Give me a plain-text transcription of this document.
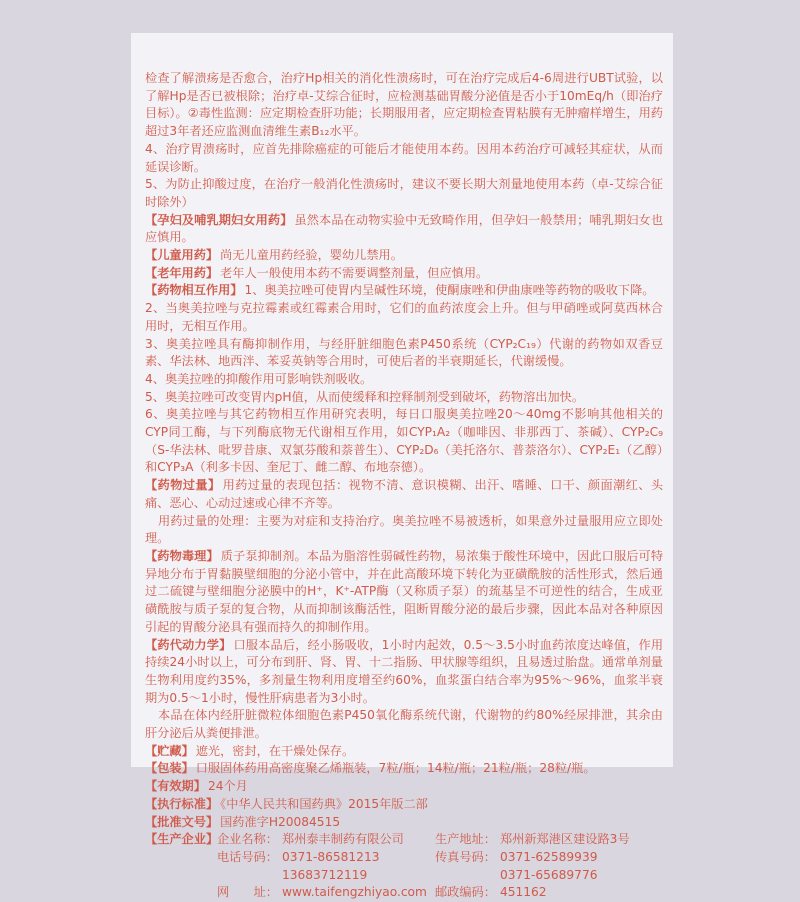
检查了解溃疡是否愈合，治疗Hp相关的消化性溃疡时，可在治疗完成后4-6周进行UBT试验，以了解Hp是否已被根除；治疗卓-艾综合征时，应检测基础胃酸分泌值是否小于10mEq/h（即治疗目标）。②毒性监测：应定期检查肝功能；长期服用者，应定期检查胃粘膜有无肿瘤样增生，用药超过3年者还应监测血清维生素B₁₂水平。

4、治疗胃溃疡时，应首先排除癌症的可能后才能使用本药。因用本药治疗可减轻其症状，从而延误诊断。

5、为防止抑酸过度，在治疗一般消化性溃疡时，建议不要长期大剂量地使用本药（卓-艾综合征时除外）

【 孕妇及哺乳期妇女用药 】 虽然本品在动物实验中无致畸作用，但孕妇一般禁用；哺乳期妇女也应慎用。

【 儿童用药 】 尚无儿童用药经验，婴幼儿禁用。

【 老年用药 】 老年人一般使用本药不需要调整剂量，但应慎用。

【 药物相互作用 】 1、奥美拉唑可使胃内呈碱性环境，使酮康唑和伊曲康唑等药物的吸收下降。

2、当奥美拉唑与克拉霉素或红霉素合用时，它们的血药浓度会上升。但与甲硝唑或阿莫西林合用时，无相互作用。

3、奥美拉唑具有酶抑制作用，与经肝脏细胞色素P450系统（CYP₂C₁₉）代谢的药物如双香豆素、华法林、地西泮、苯妥英钠等合用时，可使后者的半衰期延长，代谢缓慢。

4、奥美拉唑的抑酸作用可影响铁剂吸收。

5、奥美拉唑可改变胃内pH值，从而使缓释和控释制剂受到破坏，药物溶出加快。

6、奥美拉唑与其它药物相互作用研究表明，每日口服奥美拉唑20～40mg不影响其他相关的CYP同工酶，与下列酶底物无代谢相互作用，如CYP₁A₂（咖啡因、非那西丁、茶碱）、CYP₂C₉（S-华法林、吡罗昔康、双氯芬酸和萘普生）、CYP₂D₆（美托洛尔、普萘洛尔）、CYP₂E₁（乙醇）和CYP₃A（利多卡因、奎尼丁、雌二醇、布地奈德）。

【 药物过量 】 用药过量的表现包括：视物不清、意识模糊、出汗、嗜睡、口干、颜面潮红、头痛、恶心、心动过速或心律不齐等。

用药过量的处理：主要为对症和支持治疗。奥美拉唑不易被透析，如果意外过量服用应立即处理。

【 药物毒理 】 质子泵抑制剂。本品为脂溶性弱碱性药物，易浓集于酸性环境中，因此口服后可特异地分布于胃黏膜壁细胞的分泌小管中，并在此高酸环境下转化为亚磺酰胺的活性形式，然后通过二硫键与壁细胞分泌膜中的H⁺，K⁺-ATP酶（又称质子泵）的巯基呈不可逆性的结合，生成亚磺酰胺与质子泵的复合物，从而抑制该酶活性，阻断胃酸分泌的最后步骤，因此本品对各种原因引起的胃酸分泌具有强而持久的抑制作用。

【 药代动力学 】 口服本品后，经小肠吸收，1小时内起效，0.5～3.5小时血药浓度达峰值，作用持续24小时以上，可分布到肝、肾、胃、十二指肠、甲状腺等组织，且易透过胎盘。通常单剂量生物利用度约35%，多剂量生物利用度增至约60%，血浆蛋白结合率为95%～96%，血浆半衰期为0.5～1小时，慢性肝病患者为3小时。

本品在体内经肝脏微粒体细胞色素P450氧化酶系统代谢，代谢物的约80%经尿排泄，其余由肝分泌后从粪便排泄。

【 贮藏 】 遮光，密封，在干燥处保存。

【 包装 】 口服固体药用高密度聚乙烯瓶装，7粒/瓶；14粒/瓶；21粒/瓶；28粒/瓶。

【 有效期 】 24个月

【 执行标准 】 《中华人民共和国药典》2015年版二部

【 批准文号 】 国药准字H20084515

【 生产企业 】 企业名称： 郑州泰丰制药有限公司	生产地址： 郑州新郑港区建设路3号
电话号码： 0371-86581213	传真号码： 0371-62589939
13683712119	0371-65689776
网　　址： www.taifengzhiyao.com 邮政编码： 451162
